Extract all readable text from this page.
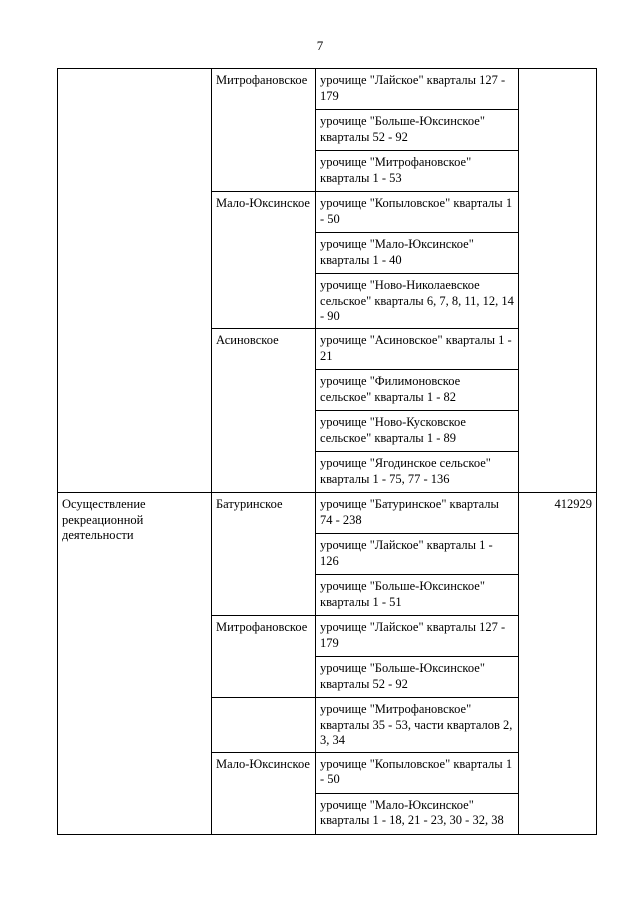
7
	Митрофановское	урочище "Лайское" кварталы 127 - 179	
		урочище "Больше-Юксинское" кварталы 52 - 92	
		урочище "Митрофановское" кварталы 1 - 53	
	Мало-Юксинское	урочище "Копыловское" кварталы 1 - 50	
		урочище "Мало-Юксинское" кварталы 1 - 40	
		урочище "Ново-Николаевское сельское" кварталы 6, 7, 8, 11, 12, 14 - 90	
	Асиновское	урочище "Асиновское" кварталы 1 - 21	
		урочище "Филимоновское сельское" кварталы 1 - 82	
		урочище "Ново-Кусковское сельское" кварталы 1 - 89	
		урочище "Ягодинское сельское" кварталы 1 - 75, 77 - 136	
Осуществление рекреационной деятельности	Батуринское	урочище "Батуринское" кварталы 74 - 238	412929
		урочище "Лайское" кварталы 1 - 126	
		урочище "Больше-Юксинское" кварталы 1 - 51	
	Митрофановское	урочище "Лайское" кварталы 127 - 179	
		урочище "Больше-Юксинское" кварталы 52 - 92	
		урочище "Митрофановское" кварталы 35 - 53, части кварталов 2, 3, 34	
	Мало-Юксинское	урочище "Копыловское" кварталы 1 - 50	
		урочище "Мало-Юксинское" кварталы 1 - 18, 21 - 23, 30 - 32, 38	
